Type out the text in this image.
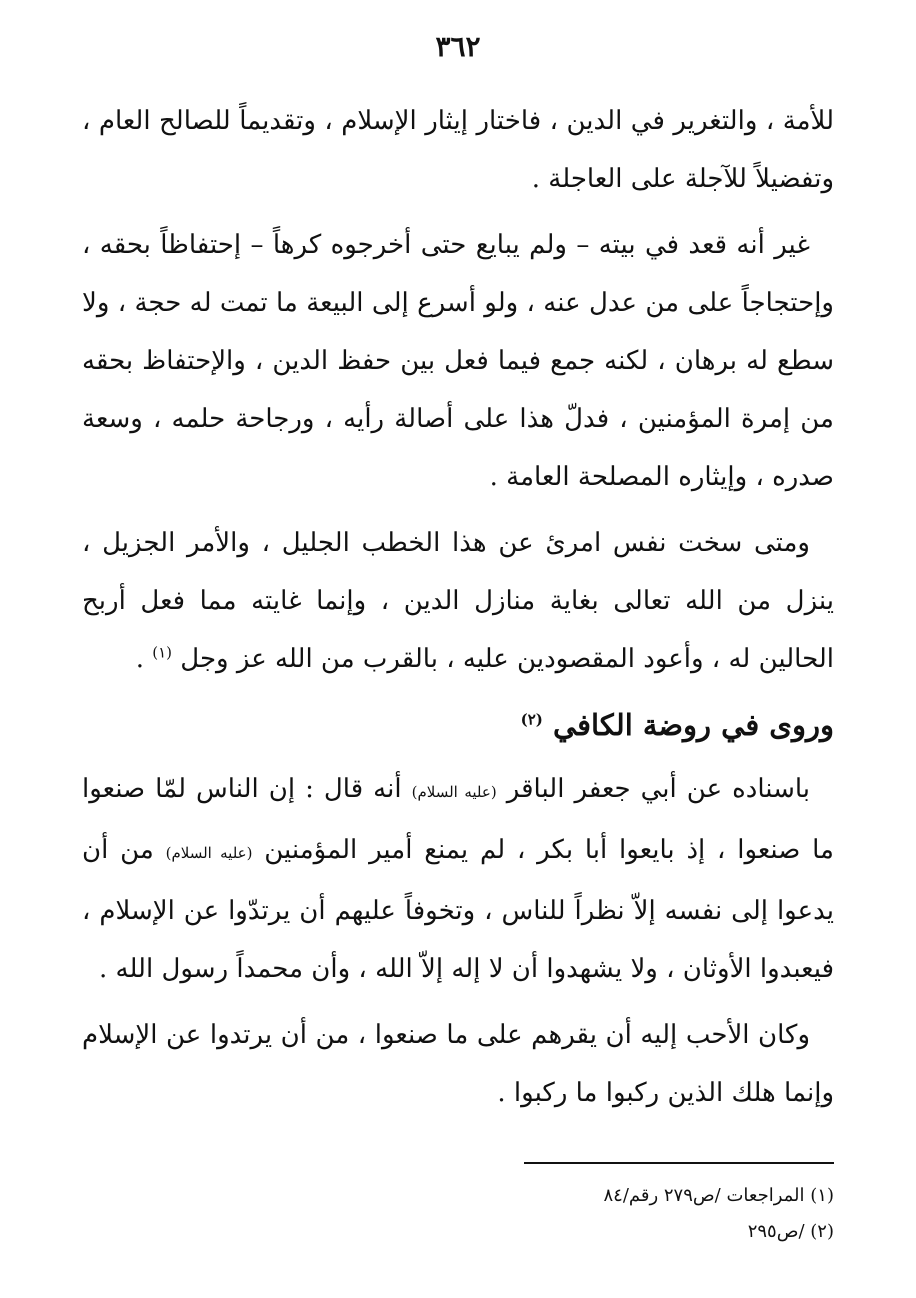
٣٦٢

للأمة ، والتغرير في الدين ، فاختار إيثار الإسلام ، وتقديماً للصالح العام ، وتفضيلاً للآجلة على العاجلة .

غير أنه قعد في بيته – ولم يبايع حتى أخرجوه كرهاً – إحتفاظاً بحقه ، وإحتجاجاً على من عدل عنه ، ولو أسرع إلى البيعة ما تمت له حجة ، ولا سطع له برهان ، لكنه جمع فيما فعل بين حفظ الدين ، والإحتفاظ بحقه من إمرة المؤمنين ، فدلّ هذا على أصالة رأيه ، ورجاحة حلمه ، وسعة صدره ، وإيثاره المصلحة العامة .

ومتى سخت نفس امرئ عن هذا الخطب الجليل ، والأمر الجزيل ، ينزل من الله تعالى بغاية منازل الدين ، وإنما غايته مما فعل أربح الحالين له ، وأعود المقصودين عليه ، بالقرب من الله عز وجل $^{(١)}$ .

وروى في روضة الكافي $^{(٢)}$

باسناده عن أبي جعفر الباقر (عليه السلام) أنه قال : إن الناس لمّا صنعوا ما صنعوا ، إذ بايعوا أبا بكر ، لم يمنع أمير المؤمنين (عليه السلام) من أن يدعوا إلى نفسه إلاّ نظراً للناس ، وتخوفاً عليهم أن يرتدّوا عن الإسلام ، فيعبدوا الأوثان ، ولا يشهدوا أن لا إله إلاّ الله ، وأن محمداً رسول الله .

وكان الأحب إليه أن يقرهم على ما صنعوا ، من أن يرتدوا عن الإسلام وإنما هلك الذين ركبوا ما ركبوا .

(١) المراجعات /ص٢٧٩ رقم/٨٤
(٢) /ص٢٩٥
